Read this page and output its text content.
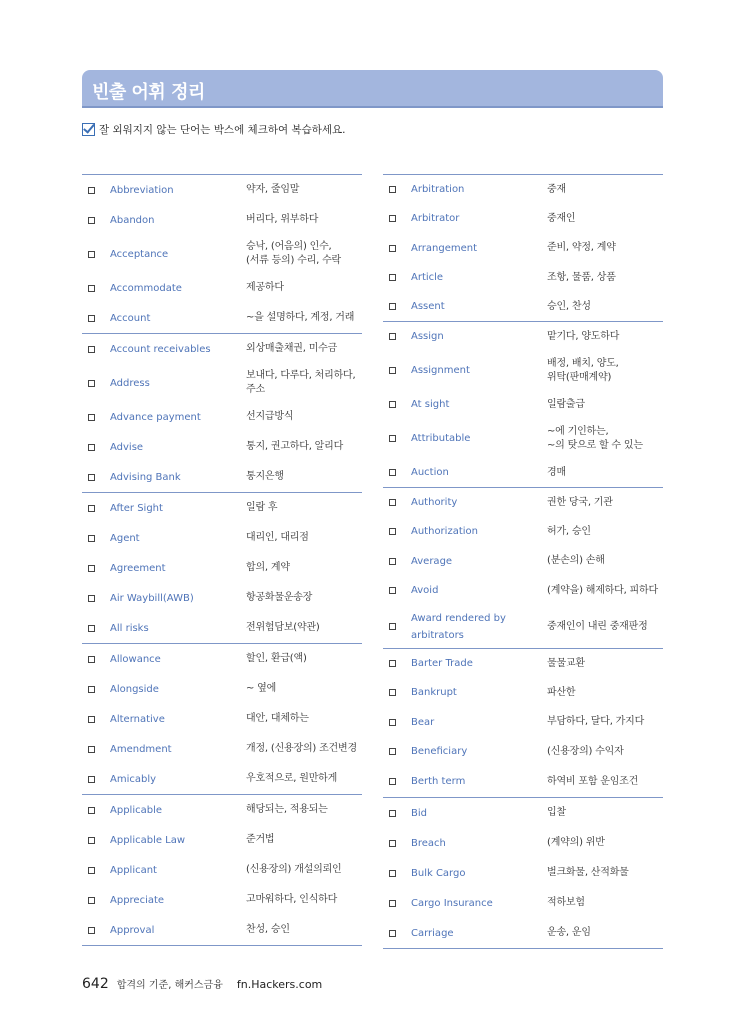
빈출 어휘 정리
잘 외워지지 않는 단어는 박스에 체크하여 복습하세요.
Abbreviation	약자, 줄임말
Abandon	버리다, 위부하다
Acceptance
승낙, (어음의) 인수,
(서류 등의) 수리, 수락
Accommodate	제공하다
Account	~을 설명하다, 계정, 거래
Account receivables	외상매출채권, 미수금
Address
보내다, 다루다, 처리하다,
주소
Advance payment	선지급방식
Advise	통지, 권고하다, 알리다
Advising Bank	통지은행
After Sight	일람 후
Agent	대리인, 대리점
Agreement	합의, 계약
Air Waybill(AWB)	항공화물운송장
All risks	전위험담보(약관)
Allowance	할인, 환급(액)
Alongside	~ 옆에
Alternative	대안, 대체하는
Amendment	개정, (신용장의) 조건변경
Amicably	우호적으로, 원만하게
Applicable	해당되는, 적용되는
Applicable Law	준거법
Applicant	(신용장의) 개설의뢰인
Appreciate	고마워하다, 인식하다
Approval	찬성, 승인
Arbitration	중재
Arbitrator	중재인
Arrangement	준비, 약정, 계약
Article	조항, 물품, 상품
Assent	승인, 찬성
Assign	맡기다, 양도하다
Assignment
배정, 배치, 양도,
위탁(판매계약)
At sight	일람출급
Attributable
~에 기인하는,
~의 탓으로 할 수 있는
Auction	경매
Authority	권한 당국, 기관
Authorization	허가, 승인
Average	(분손의) 손해
Avoid	(계약을) 해제하다, 피하다
Award rendered by
arbitrators
중재인이 내린 중재판정
Barter Trade	물물교환
Bankrupt	파산한
Bear	부담하다, 달다, 가지다
Beneficiary	(신용장의) 수익자
Berth term	하역비 포함 운임조건
Bid	입찰
Breach	(계약의) 위반
Bulk Cargo	벌크화물, 산적화물
Cargo Insurance	적하보험
Carriage	운송, 운임
642 합격의 기준, 해커스금융 fn.Hackers.com
